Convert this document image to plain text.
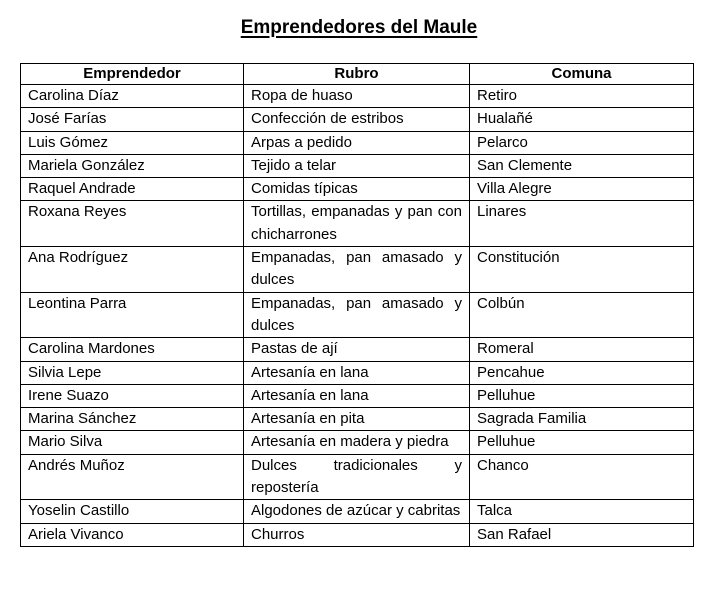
Emprendedores del Maule
Emprendedor	Rubro	Comuna
Carolina Díaz	Ropa de huaso	Retiro
José Farías	Confección de estribos	Hualañé
Luis Gómez	Arpas a pedido	Pelarco
Mariela González	Tejido a telar	San Clemente
Raquel Andrade	Comidas típicas	Villa Alegre
Roxana Reyes	Tortillas, empanadas y pan con chicharrones	Linares
Ana Rodríguez	Empanadas, pan amasado y dulces	Constitución
Leontina Parra	Empanadas, pan amasado y dulces	Colbún
Carolina Mardones	Pastas de ají	Romeral
Silvia Lepe	Artesanía en lana	Pencahue
Irene Suazo	Artesanía en lana	Pelluhue
Marina Sánchez	Artesanía en pita	Sagrada Familia
Mario Silva	Artesanía en madera y piedra	Pelluhue
Andrés Muñoz	Dulces tradicionales y repostería	Chanco
Yoselin Castillo	Algodones de azúcar y cabritas	Talca
Ariela Vivanco	Churros	San Rafael
